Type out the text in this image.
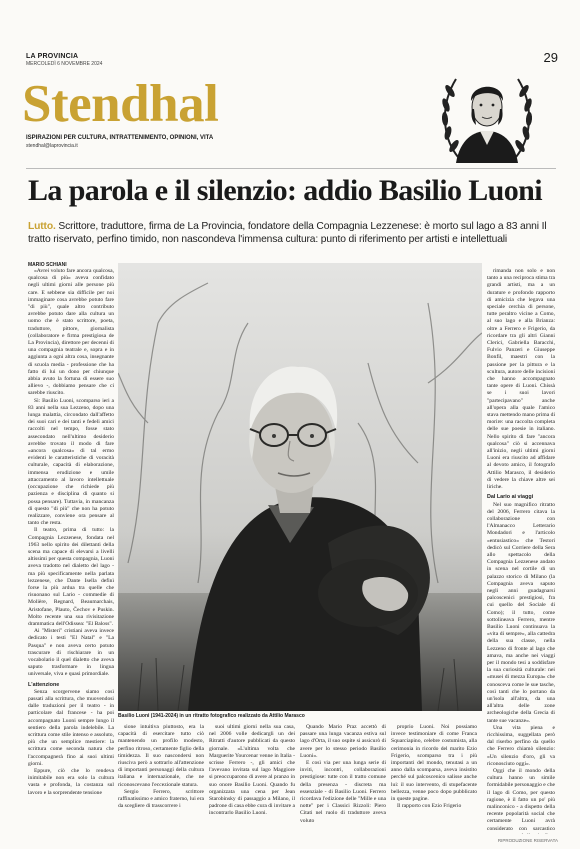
LA PROVINCIA
MERCOLEDÌ 6 NOVEMBRE 2024	29
Stendhal
ISPIRAZIONI PER CULTURA, INTRATTENIMENTO, OPINIONI, VITA
stendhal@laprovincia.it
La parola e il silenzio: addio Basilio Luoni
Lutto. Scrittore, traduttore, firma de La Provincia, fondatore della Compagnia Lezzenese: è morto sul lago a 83 anni Il tratto riservato, perfino timido, non nascondeva l'immensa cultura: punto di riferimento per artisti e intellettuali
MARIO SCHIANI

«Avrei voluto fare ancora qualcosa, qualcosa di più» aveva confidato negli ultimi giorni alle persone più care. E sebbene sia difficile per noi immaginare cosa avrebbe potuto fare "di più", quale altro contributo avrebbe potuto dare alla cultura un uomo che è stato scrittore, poeta, traduttore, pittore, giornalista (collaboratore e firma prestigiosa de La Provincia), direttore per decenni di una compagnia teatrale e, sopra e in aggiunta a ogni altra cosa, insegnante di scuola media - professione che ha fatto di lui un dono per chiunque abbia avuto la fortuna di essere suo allievo -, dobbiamo pensare che ci sarebbe riuscito.

Sì: Basilio Luoni, scomparso ieri a 83 anni nella sua Lezzeno, dopo una lunga malattia, circondato dall'affetto dei suoi cari e dei tanti e fedeli amici raccolti nel tempo, fosse stato assecondato nell'ultimo desiderio avrebbe trovato il modo di fare «ancora qualcosa» di tal ermo evidenti le caratteristiche di voracità culturale, capacità di elaborazione, immensa erudizione e umile attaccamento al lavoro intellettuale (occupazione che richiede più pazienza e disciplina di quanto si possa pensare). Tuttavia, in mancanza di questo "di più" che non ha potuto realizzare, conviene ora pensare al tanto che resta.

Il teatro, prima di tutto: la Compagnia Lezzenese, fondata nel 1963 nello spirito dei dilettanti della scena ma capace di elevarsi a livelli altissimi per questa compagnia, Luoni aveva tradotto nel dialetto del lago - ma più specificamente nella parlata lezzenese, che Dante Isella definì forse la più ardua tra quelle che risuonano sul Lario - commedie di Molière, Regnard, Beaumarchais, Aristofane, Plauto, Čechov e Puskin. Molto recente una sua rivisitazione drammatica dell'Odissea: "El Baloss".

Ai "Misteri" cristiani aveva invece dedicato i testi "El Natal" e "La Pasqua" e non aveva certo potuto trascurare di rischiarare in un vocabolario il quel dialetto che aveva saputo trasformare in lingua universale, viva e quasi primordiale.

L'attenzione

Senza scorgervene siamo così passati alla scrittura, che muovendosi dalle traduzioni per il teatro - in particolare dal francese - ha poi accompagnato Luoni sempre lungo il sentiero della parola indelebile. La scrittura come stile intenso e assoluto, più che un semplice mestiere: la scrittura come seconda natura che l'accompagnerà fino ai suoi ultimi giorni.

Eppure, ciò che lo rendeva inimitabile non era solo la cultura vasta e profonda, la costanza sul lavoro e la sorprendente tensione

Basilio Luoni (1941-2024) in un ritratto fotografico realizzato da Attilio Marasco

sione intuitiva piuttosto, era la capacità di esercitare tutto ciò mantenendo un profilo modesto, perfino ritroso, certamente figlio della timidezza. Il suo nascondersi non riusciva però a sottrarlo all'attenzione di importanti personaggi della cultura italiana e internazionale, che ne riconoscevano l'eccezionale statura.

Sergio Ferrero, scrittore raffinatissimo e amico fraterno, lui era da scegliere di trasscorrere i

suoi ultimi giorni nella sua casa, nel 2006 volle dedicargli un dei Ritratti d'autore pubblicati da questo giornale. «L'ultima volta che Marguerite Yourcenar venne in Italia - scrisse Ferrero -, gli amici che l'avevano invitata sul lago Maggiore si preoccuparono di avere al pranzo in suo onore Basilio Luoni. Quando fu organizzata una cena per Jean Starobinsky di passaggio a Milano, il padrone di casa ebbe cura di invitare a incontrarlo Basilio Luoni.

Quando Mario Praz accettò di passare una lunga vacanza estiva sul lago d'Orta, il suo ospite si assicurò di avere per lo stesso periodo Basilio Luoni».

E così via per una lunga serie di inviti, incontri, collaborazioni prestigiose: tutte con il tratto comune della presenza - discreta ma essenziale - di Basilio Luoni. Ferrero ricordava l'edizione delle "Mille e una notte" per i Classici Rizzoli: Piero Citati nel ruolo di traduttore aveva voluto

proprio Luoni. Noi possiamo invece testimoniare di come Franca Squarciapino, celebre costumista, alla cerimonia in ricordo del marito Ezio Frigerio, scomparso tra i più importanti del mondo, tenutasi a un anno dalla scomparsa, aveva insistito perché sul palcoscenico salisse anche lui: il suo intervento, di stupefacente bellezza, venne poco dopo pubblicato in queste pagine.

Il rapporto con Ezio Frigerio

rimanda non solo e non tanto a una reciproca stima tra grandi artisti, ma a un durature e profondo rapporto di amicizia che legava una speciale cerchia di persone, tutte peraltro vicine a Como, al suo lago e alla Brianza: oltre a Ferrero e Frigerio, da ricordare tra gli altri Gianni Clerici, Gabriella Baracchi, Fulvio Panzeri e Giuseppe Bonfil, maestri con la passione per la pittura e la scultura, autore delle incisioni che hanno accompagnato tante opere di Luoni. Chissà se i suoi lavori "partecipavano" anche all'opera alla quale l'amico stava mettendo mano prima di morire: una raccolta completa delle sue poesie in italiano. Nello spirito di fare "ancora qualcosa" ciò si accennava all'inizio, negli ultimi giorni Luoni era riuscito ad affidare al devoto amico, il fotografo Attilio Marasco, il desiderio di vedere la chiave altre sei liriche.

Dal Lario ai viaggi

Nel suo magnifico ritratto del 2006, Ferrero citava la collaborazione con l'Almanacco Letterario Mondadori e l'articolo «entusiastico» che Testori dedicò sul Corriere della Sera allo spettacolo della Compagnia Lezzenese andato in scena nel cortile di un palazzo storico di Milano (la Compagnia aveva saputo negli anni guadagnarsi palcoscenici prestigiosi, fra cui quello del Sociale di Como); il tutto, come sottolineava Ferrero, mentre Basilio Luoni continuava la «vita di sempre», alla cattedra della sua classe, nella Lezzeno di fronte al lago che amava, ma anche nei viaggi per il mondo tesi a soddisfare la sua curiosità culturale: nei «musei di mezza Europa» che conosceva come le sue tasche, così tanti che lo portano da un'isola all'altra, da una all'altra delle zone archeologiche della Grecia di tante sue vacanze».

Una vita piena e ricchissima, suggellata però dal riserbo perfino da quello che Ferrero chiamò silenzio: «Un silenzio d'oro, gli va riconosciuto oggi».

Oggi che il mondo della cultura hanno un simile formidabile personaggio e che il lago di Como, per questo ragione, è il fatto un po' più malinconico - a dispetto della recente popolarità social che certamente Luoni avrà considerato con sarcastico

RIPRODUZIONE RISERVATA
